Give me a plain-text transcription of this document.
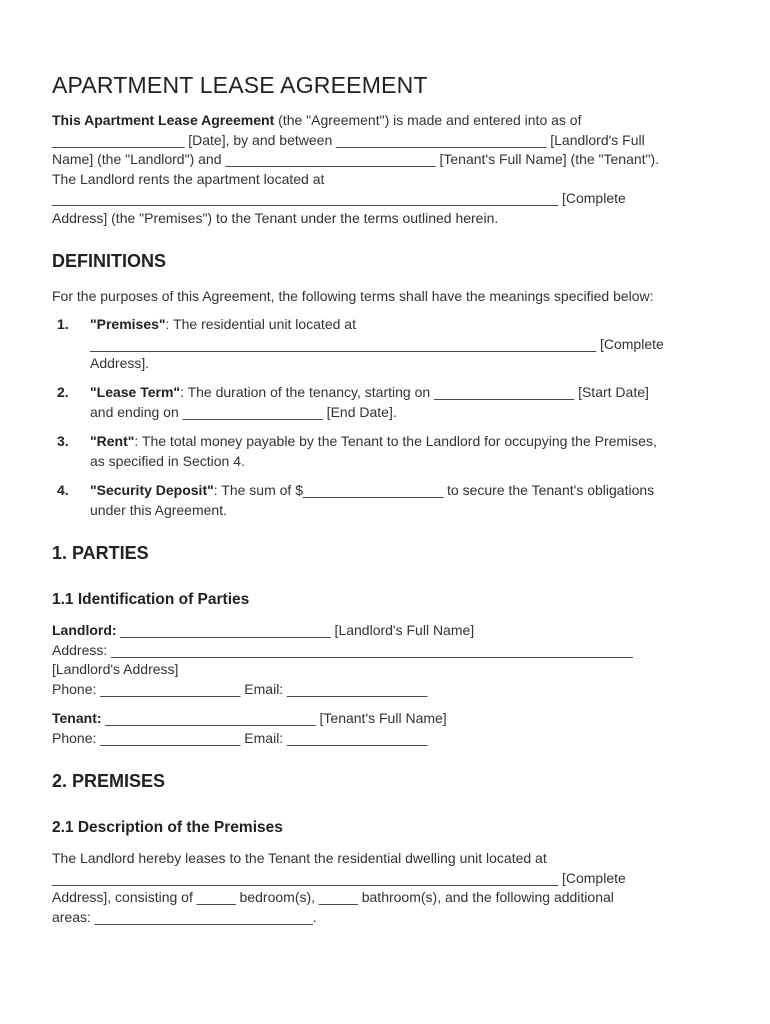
APARTMENT LEASE AGREEMENT
This Apartment Lease Agreement (the "Agreement") is made and entered into as of
_________________ [Date], by and between ___________________________ [Landlord's Full
Name] (the "Landlord") and ___________________________ [Tenant's Full Name] (the "Tenant").
The Landlord rents the apartment located at
_________________________________________________________________ [Complete
Address] (the "Premises") to the Tenant under the terms outlined herein.
DEFINITIONS

For the purposes of this Agreement, the following terms shall have the meanings specified below:

1. "Premises": The residential unit located at
_________________________________________________________________ [Complete
Address].
2. "Lease Term": The duration of the tenancy, starting on __________________ [Start Date]
and ending on __________________ [End Date].
3. "Rent": The total money payable by the Tenant to the Landlord for occupying the Premises,
as specified in Section 4.
4. "Security Deposit": The sum of $__________________ to secure the Tenant's obligations
under this Agreement.
1. PARTIES
1.1 Identification of Parties
Landlord: ___________________________ [Landlord's Full Name]
Address: ___________________________________________________________________
[Landlord's Address]
Phone: __________________ Email: __________________
Tenant: ___________________________ [Tenant's Full Name]
Phone: __________________ Email: __________________
2. PREMISES
2.1 Description of the Premises
The Landlord hereby leases to the Tenant the residential dwelling unit located at
_________________________________________________________________ [Complete
Address], consisting of _____ bedroom(s), _____ bathroom(s), and the following additional
areas: ____________________________.
